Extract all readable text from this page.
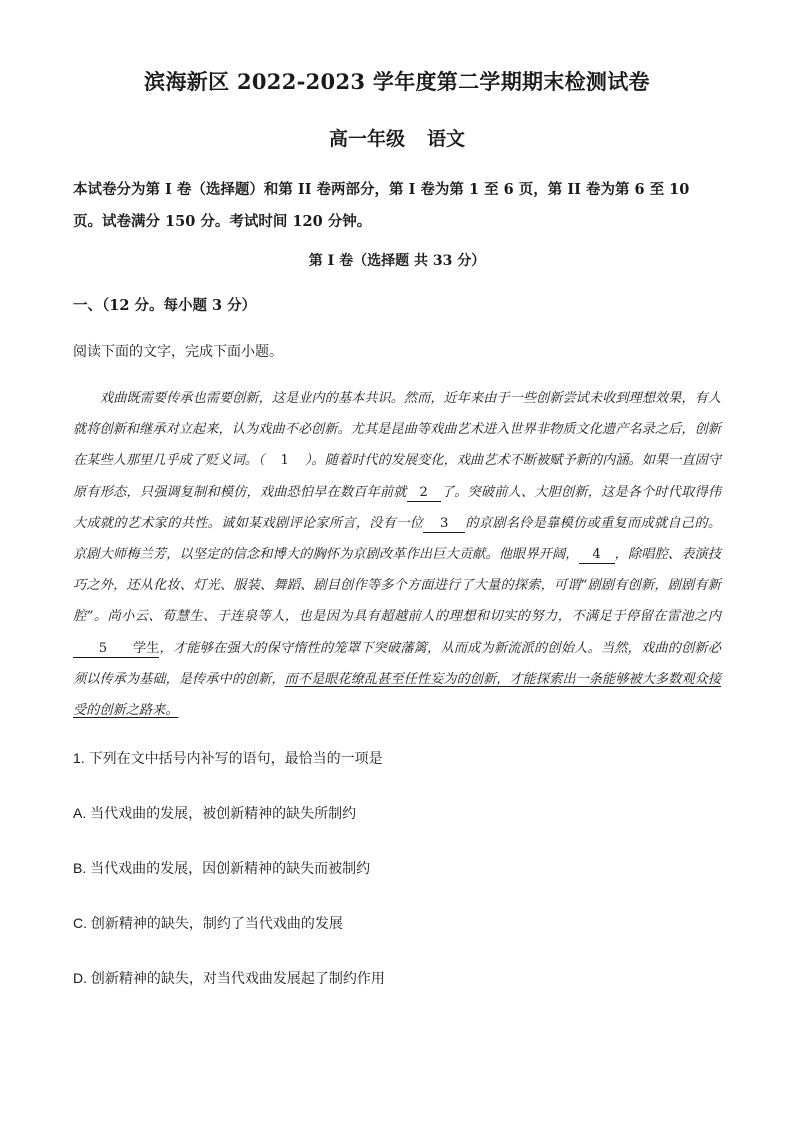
滨海新区 2022-2023 学年度第二学期期末检测试卷
高一年级 语文
本试卷分为第 I 卷（选择题）和第 II 卷两部分，第 I 卷为第 1 至 6 页，第 II 卷为第 6 至 10
页。试卷满分 150 分。考试时间 120 分钟。
第 I 卷（选择题 共 33 分）
一、（12 分。每小题 3 分）
阅读下面的文字，完成下面小题。
戏曲既需要传承也需要创新，这是业内的基本共识。然而，近年来由于一些创新尝试未收到理想效果，有人就将创新和继承对立起来，认为戏曲不必创新。尤其是昆曲等戏曲艺术进入世界非物质文化遗产名录之后，创新在某些人那里几乎成了贬义词。（ 1 ）。随着时代的发展变化，戏曲艺术不断被赋予新的内涵。如果一直固守原有形态，只强调复制和模仿，戏曲恐怕早在数百年前就 2 了。突破前人、大胆创新，这是各个时代取得伟大成就的艺术家的共性。诚如某戏剧评论家所言，没有一位 3 的京剧名伶是靠模仿或重复而成就自己的。京剧大师梅兰芳，以坚定的信念和博大的胸怀为京剧改革作出巨大贡献。他眼界开阔， 4 ，除唱腔、表演技巧之外，还从化妆、灯光、服装、舞蹈、剧目创作等多个方面进行了大量的探索，可谓“剧剧有创新，剧剧有新腔”。尚小云、荀慧生、于连泉等人，也是因为具有超越前人的理想和切实的努力，不满足于停留在雷池之内5 学生，才能够在强大的保守惰性的笼罩下突破藩篱，从而成为新流派的创始人。当然，戏曲的创新必须以传承为基础，是传承中的创新，而不是眼花缭乱甚至任性妄为的创新，才能探索出一条能够被大多数观众接受的创新之路来。
1. 下列在文中括号内补写的语句，最恰当的一项是
A. 当代戏曲的发展，被创新精神的缺失所制约
B. 当代戏曲的发展，因创新精神的缺失而被制约
C. 创新精神的缺失，制约了当代戏曲的发展
D. 创新精神的缺失，对当代戏曲发展起了制约作用
